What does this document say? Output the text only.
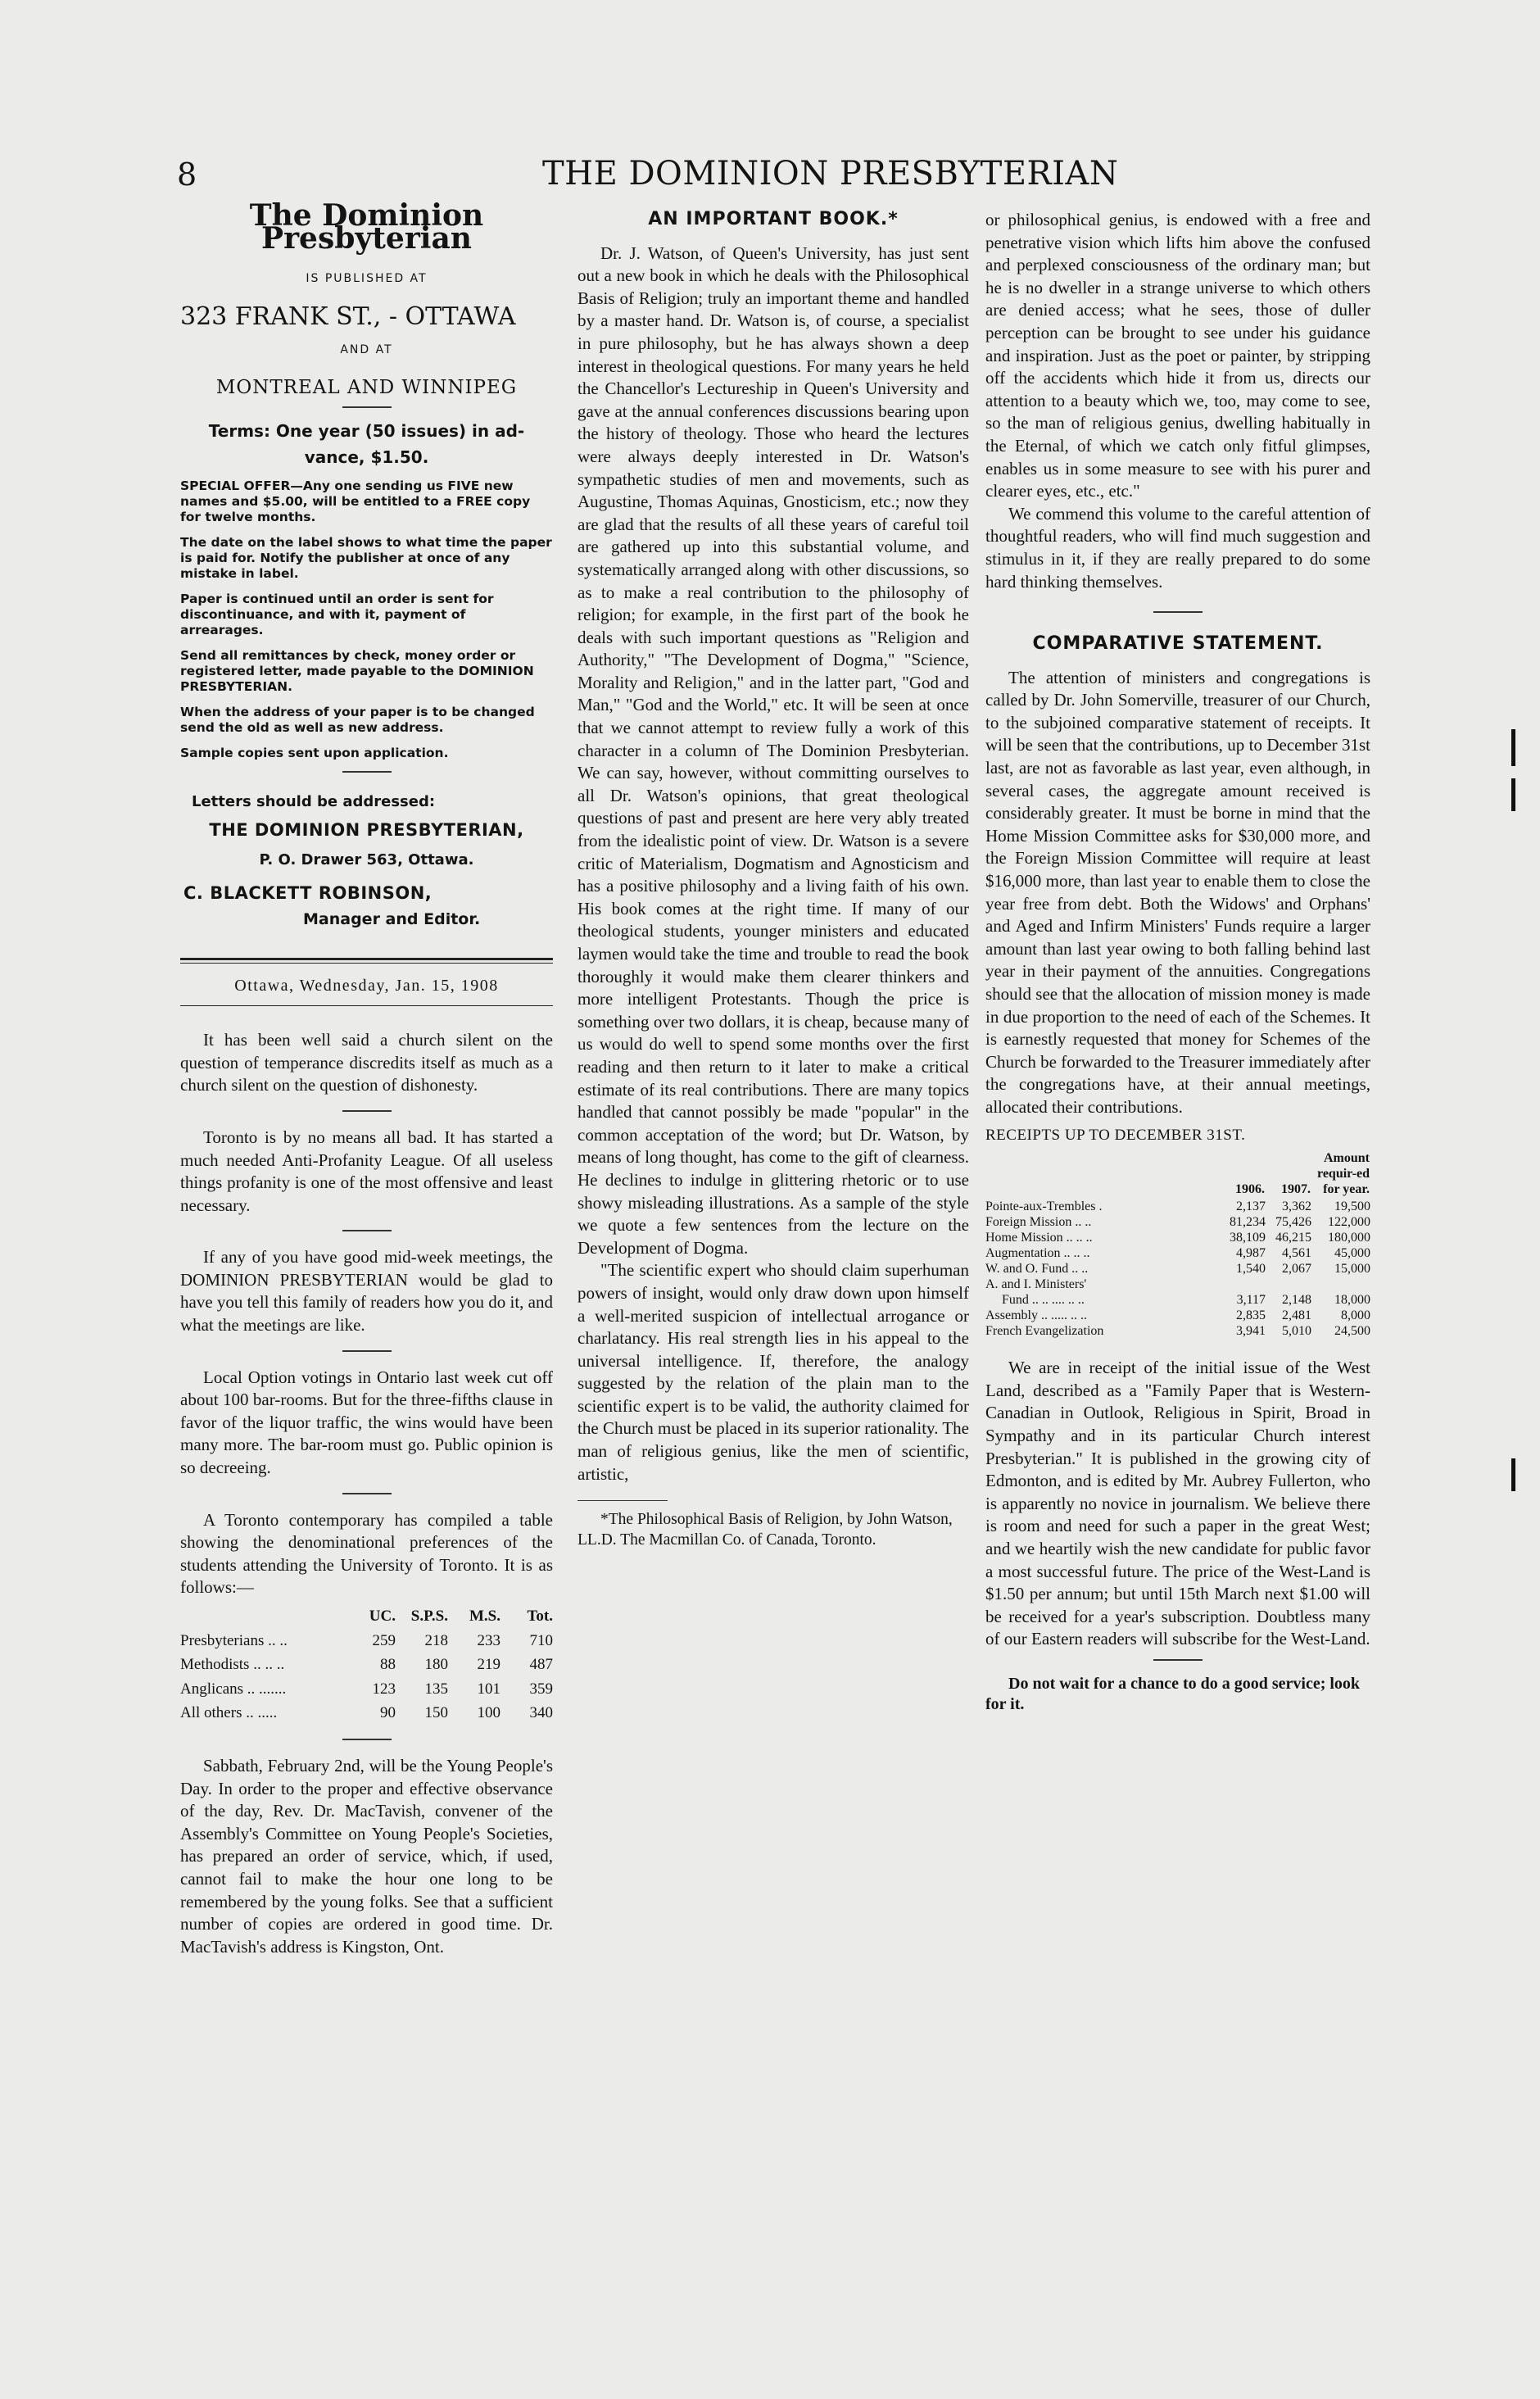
8	THE DOMINION PRESBYTERIAN
The Dominion Presbyterian
IS PUBLISHED AT
323 FRANK ST., - OTTAWA
AND AT
MONTREAL AND WINNIPEG
Terms: One year (50 issues) in ad-
vance, $1.50.
SPECIAL OFFER—Any one sending us FIVE new names and $5.00, will be entitled to a FREE copy for twelve months.
The date on the label shows to what time the paper is paid for. Notify the publisher at once of any mistake in label.
Paper is continued until an order is sent for discontinuance, and with it, payment of arrearages.
Send all remittances by check, money order or registered letter, made payable to the DOMINION PRESBYTERIAN.
When the address of your paper is to be changed send the old as well as new address.
Sample copies sent upon application.
Letters should be addressed:
THE DOMINION PRESBYTERIAN,
P. O. Drawer 563, Ottawa.
C. BLACKETT ROBINSON,
Manager and Editor.
Ottawa, Wednesday, Jan. 15, 1908

It has been well said a church silent on the question of temperance discredits itself as much as a church silent on the question of dishonesty.

Toronto is by no means all bad. It has started a much needed Anti-Profanity League. Of all useless things profanity is one of the most offensive and least necessary.

If any of you have good mid-week meetings, the DOMINION PRESBYTERIAN would be glad to have you tell this family of readers how you do it, and what the meetings are like.

Local Option votings in Ontario last week cut off about 100 bar-rooms. But for the three-fifths clause in favor of the liquor traffic, the wins would have been many more. The bar-room must go. Public opinion is so decreeing.

A Toronto contemporary has compiled a table showing the denominational preferences of the students attending the University of Toronto. It is as follows:—

	UC.	S.P.S.	M.S.	Tot.
Presbyterians .. ..	259	218	233	710
Methodists .. .. ..	88	180	219	487
Anglicans .. .......	123	135	101	359
All others .. .....	90	150	100	340

Sabbath, February 2nd, will be the Young People's Day. In order to the proper and effective observance of the day, Rev. Dr. MacTavish, convener of the Assembly's Committee on Young People's Societies, has prepared an order of service, which, if used, cannot fail to make the hour one long to be remembered by the young folks. See that a sufficient number of copies are ordered in good time. Dr. MacTavish's address is Kingston, Ont.

AN IMPORTANT BOOK.*

Dr. J. Watson, of Queen's University, has just sent out a new book in which he deals with the Philosophical Basis of Religion; truly an important theme and handled by a master hand. Dr. Watson is, of course, a specialist in pure philosophy, but he has always shown a deep interest in theological questions. For many years he held the Chancellor's Lectureship in Queen's University and gave at the annual conferences discussions bearing upon the history of theology. Those who heard the lectures were always deeply interested in Dr. Watson's sympathetic studies of men and movements, such as Augustine, Thomas Aquinas, Gnosticism, etc.; now they are glad that the results of all these years of careful toil are gathered up into this substantial volume, and systematically arranged along with other discussions, so as to make a real contribution to the philosophy of religion; for example, in the first part of the book he deals with such important questions as "Religion and Authority," "The Development of Dogma," "Science, Morality and Religion," and in the latter part, "God and Man," "God and the World," etc. It will be seen at once that we cannot attempt to review fully a work of this character in a column of The Dominion Presbyterian. We can say, however, without committing ourselves to all Dr. Watson's opinions, that great theological questions of past and present are here very ably treated from the idealistic point of view. Dr. Watson is a severe critic of Materialism, Dogmatism and Agnosticism and has a positive philosophy and a living faith of his own. His book comes at the right time. If many of our theological students, younger ministers and educated laymen would take the time and trouble to read the book thoroughly it would make them clearer thinkers and more intelligent Protestants. Though the price is something over two dollars, it is cheap, because many of us would do well to spend some months over the first reading and then return to it later to make a critical estimate of its real contributions. There are many topics handled that cannot possibly be made "popular" in the common acceptation of the word; but Dr. Watson, by means of long thought, has come to the gift of clearness. He declines to indulge in glittering rhetoric or to use showy misleading illustrations. As a sample of the style we quote a few sentences from the lecture on the Development of Dogma.

"The scientific expert who should claim superhuman powers of insight, would only draw down upon himself a well-merited suspicion of intellectual arrogance or charlatancy. His real strength lies in his appeal to the universal intelligence. If, therefore, the analogy suggested by the relation of the plain man to the scientific expert is to be valid, the authority claimed for the Church must be placed in its superior rationality. The man of religious genius, like the men of scientific, artistic,

*The Philosophical Basis of Religion, by John Watson, LL.D. The Macmillan Co. of Canada, Toronto.

or philosophical genius, is endowed with a free and penetrative vision which lifts him above the confused and perplexed consciousness of the ordinary man; but he is no dweller in a strange universe to which others are denied access; what he sees, those of duller perception can be brought to see under his guidance and inspiration. Just as the poet or painter, by stripping off the accidents which hide it from us, directs our attention to a beauty which we, too, may come to see, so the man of religious genius, dwelling habitually in the Eternal, of which we catch only fitful glimpses, enables us in some measure to see with his purer and clearer eyes, etc., etc."

We commend this volume to the careful attention of thoughtful readers, who will find much suggestion and stimulus in it, if they are really prepared to do some hard thinking themselves.

COMPARATIVE STATEMENT.

The attention of ministers and congregations is called by Dr. John Somerville, treasurer of our Church, to the subjoined comparative statement of receipts. It will be seen that the contributions, up to December 31st last, are not as favorable as last year, even although, in several cases, the aggregate amount received is considerably greater. It must be borne in mind that the Home Mission Committee asks for $30,000 more, and the Foreign Mission Committee will require at least $16,000 more, than last year to enable them to close the year free from debt. Both the Widows' and Orphans' and Aged and Infirm Ministers' Funds require a larger amount than last year owing to both falling behind last year in their payment of the annuities. Congregations should see that the allocation of mission money is made in due proportion to the need of each of the Schemes. It is earnestly requested that money for Schemes of the Church be forwarded to the Treasurer immediately after the congregations have, at their annual meetings, allocated their contributions.

RECEIPTS UP TO DECEMBER 31ST.
	1906.	1907.	Amount requir-ed for year.
Pointe-aux-Trembles .	2,137	3,362	19,500
Foreign Mission .. ..	81,234	75,426	122,000
Home Mission .. .. ..	38,109	46,215	180,000
Augmentation .. .. ..	4,987	4,561	45,000
W. and O. Fund .. ..	1,540	2,067	15,000
A. and I. Ministers'			
Fund .. .. .... .. ..	3,117	2,148	18,000
Assembly .. ..... .. ..	2,835	2,481	8,000
French Evangelization	3,941	5,010	24,500

We are in receipt of the initial issue of the West Land, described as a "Family Paper that is Western-Canadian in Outlook, Religious in Spirit, Broad in Sympathy and in its particular Church interest Presbyterian." It is published in the growing city of Edmonton, and is edited by Mr. Aubrey Fullerton, who is apparently no novice in journalism. We believe there is room and need for such a paper in the great West; and we heartily wish the new candidate for public favor a most successful future. The price of the West-Land is $1.50 per annum; but until 15th March next $1.00 will be received for a year's subscription. Doubtless many of our Eastern readers will subscribe for the West-Land.

Do not wait for a chance to do a good service; look for it.
